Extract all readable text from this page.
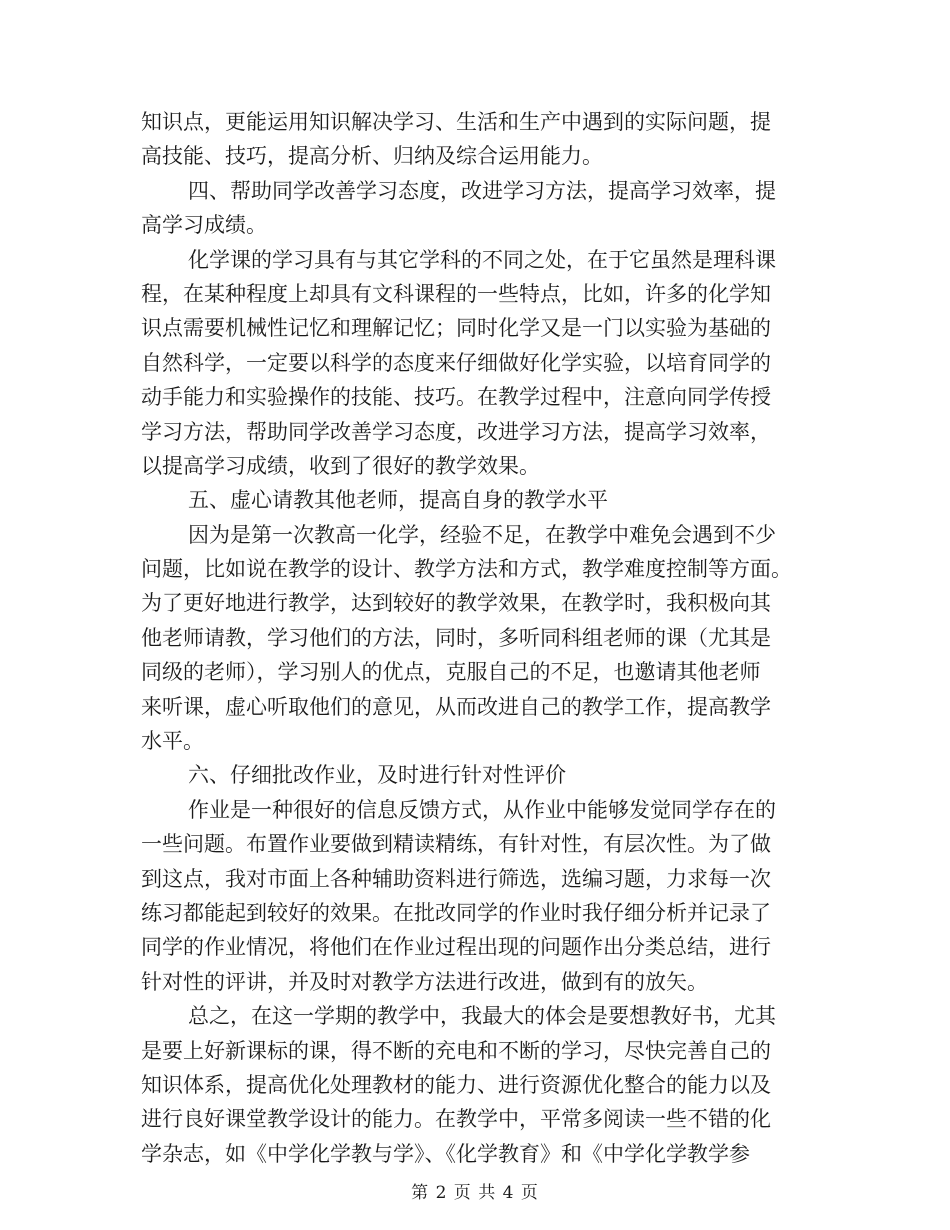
知识点，更能运用知识解决学习、生活和生产中遇到的实际问题，提
高技能、技巧，提高分析、归纳及综合运用能力。
四、帮助同学改善学习态度，改进学习方法，提高学习效率，提
高学习成绩。
化学课的学习具有与其它学科的不同之处，在于它虽然是理科课
程，在某种程度上却具有文科课程的一些特点，比如，许多的化学知
识点需要机械性记忆和理解记忆；同时化学又是一门以实验为基础的
自然科学，一定要以科学的态度来仔细做好化学实验，以培育同学的
动手能力和实验操作的技能、技巧。在教学过程中，注意向同学传授
学习方法，帮助同学改善学习态度，改进学习方法，提高学习效率，
以提高学习成绩，收到了很好的教学效果。
五、虚心请教其他老师，提高自身的教学水平
因为是第一次教高一化学，经验不足，在教学中难免会遇到不少
问题，比如说在教学的设计、教学方法和方式，教学难度控制等方面。
为了更好地进行教学，达到较好的教学效果，在教学时，我积极向其
他老师请教，学习他们的方法，同时，多听同科组老师的课（尤其是
同级的老师），学习别人的优点，克服自己的不足，也邀请其他老师
来听课，虚心听取他们的意见，从而改进自己的教学工作，提高教学
水平。
六、仔细批改作业，及时进行针对性评价
作业是一种很好的信息反馈方式，从作业中能够发觉同学存在的
一些问题。布置作业要做到精读精练，有针对性，有层次性。为了做
到这点，我对市面上各种辅助资料进行筛选，选编习题，力求每一次
练习都能起到较好的效果。在批改同学的作业时我仔细分析并记录了
同学的作业情况，将他们在作业过程出现的问题作出分类总结，进行
针对性的评讲，并及时对教学方法进行改进，做到有的放矢。
总之，在这一学期的教学中，我最大的体会是要想教好书，尤其
是要上好新课标的课，得不断的充电和不断的学习，尽快完善自己的
知识体系，提高优化处理教材的能力、进行资源优化整合的能力以及
进行良好课堂教学设计的能力。在教学中，平常多阅读一些不错的化
学杂志，如《中学化学教与学》、《化学教育》和《中学化学教学参
第 2 页 共 4 页
